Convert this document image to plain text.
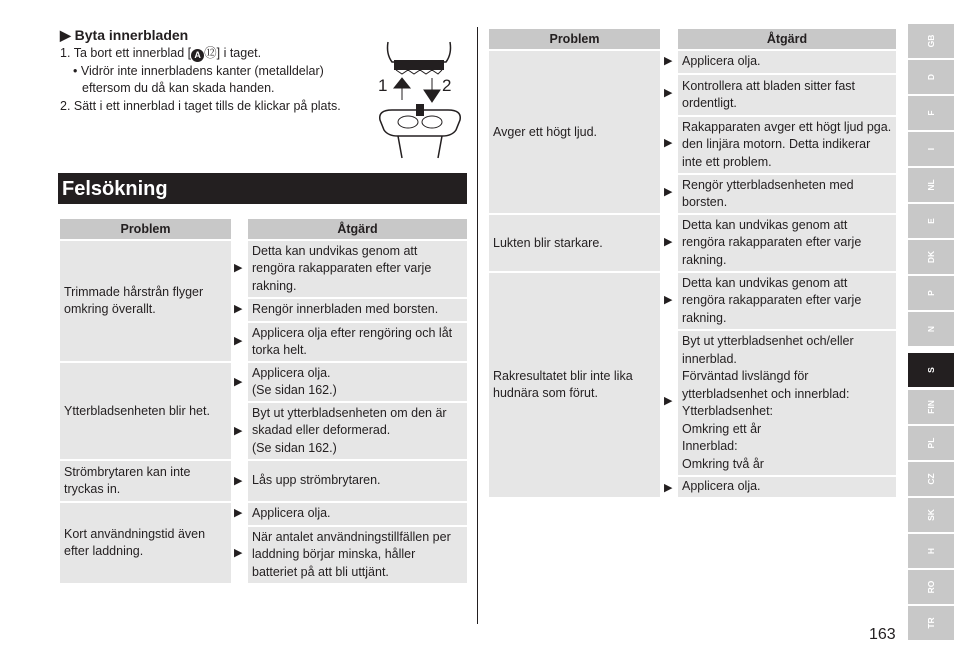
▶ Byta innerbladen
1. Ta bort ett innerblad [ A ⑫] i taget.
• Vidrör inte innerbladens kanter (metalldelar)
eftersom du då kan skada handen.
2. Sätt i ett innerblad i taget tills de klickar på plats.
1	2
Felsökning
Problem	Åtgärd
Trimmade hårstrån flyger omkring överallt.
▶
Detta kan undvikas genom att rengöra rakapparaten efter varje rakning.
▶ Rengör innerbladen med borsten.
▶
Applicera olja efter rengöring och låt torka helt.
Ytterbladsenheten blir het.
▶
Applicera olja.
(Se sidan 162.)
▶
Byt ut ytterbladsenheten om den är skadad eller deformerad.
(Se sidan 162.)
Strömbrytaren kan inte tryckas in.
▶ Lås upp strömbrytaren.
Kort användningstid även efter laddning.
▶ Applicera olja.
▶
När antalet användningstillfällen per laddning börjar minska, håller batteriet på att bli uttjänt.
Problem	Åtgärd
Avger ett högt ljud.
▶ Applicera olja.
▶
Kontrollera att bladen sitter fast ordentligt.
▶
Rakapparaten avger ett högt ljud pga. den linjära motorn. Detta indikerar inte ett problem.
▶
Rengör ytterbladsenheten med borsten.
Lukten blir starkare.	▶
Detta kan undvikas genom att rengöra rakapparaten efter varje rakning.
Rakresultatet blir inte lika hudnära som förut.
▶
Detta kan undvikas genom att rengöra rakapparaten efter varje rakning.
▶
Byt ut ytterbladsenhet och/eller innerblad.
Förväntad livslängd för ytterbladsenhet och innerblad:
Ytterbladsenhet:
Omkring ett år
Innerblad:
Omkring två år
▶ Applicera olja.
GB
D
F
I
NL
E
DK
P
N
S
FIN
PL
CZ
SK
H
RO
TR
163
